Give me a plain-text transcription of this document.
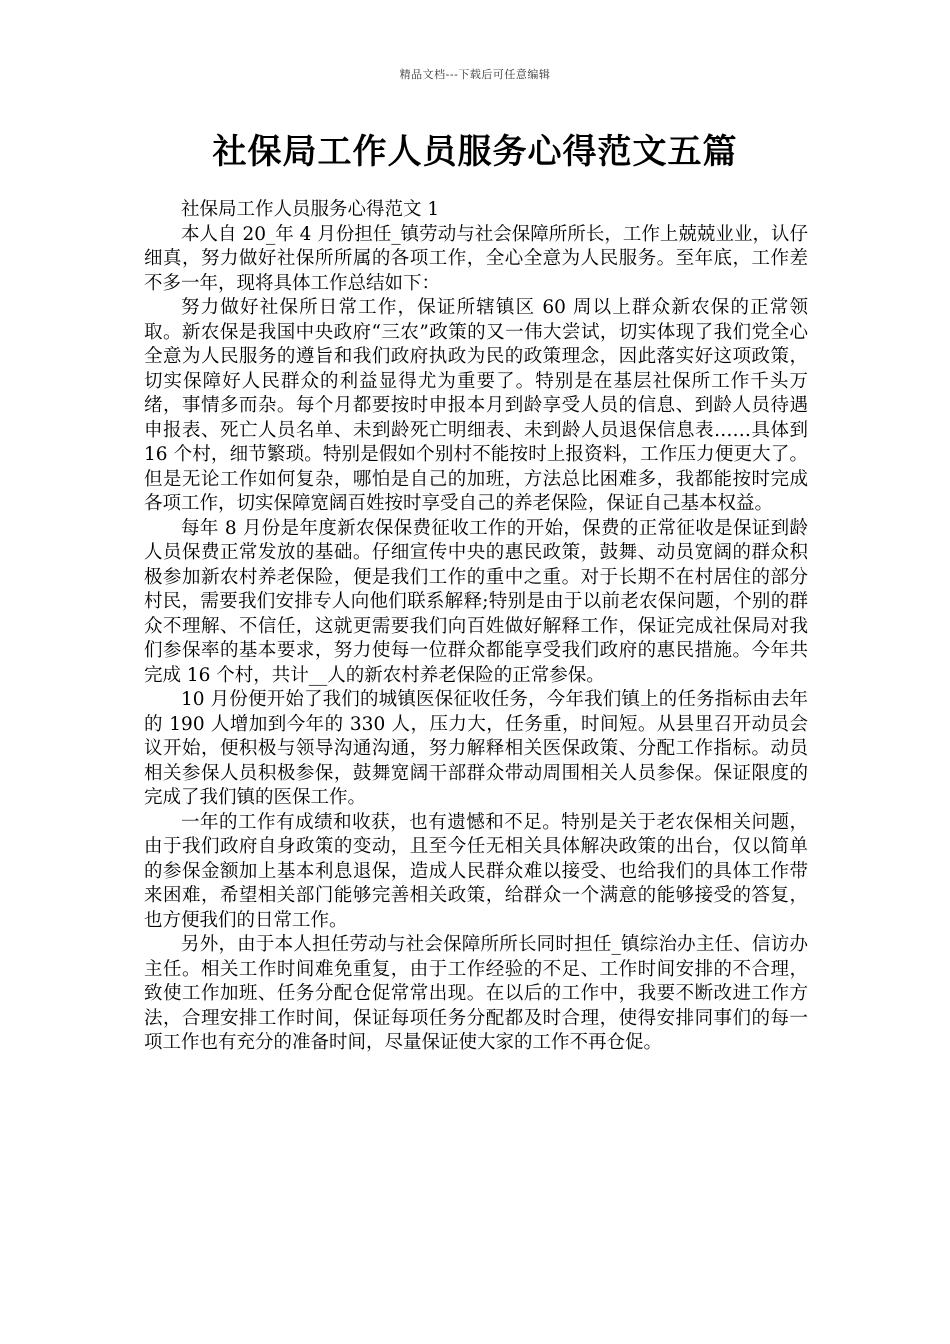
精品文档---下载后可任意编辑
社保局工作人员服务心得范文五篇

社保局工作人员服务心得范文 1

本人自 20_年 4 月份担任_镇劳动与社会保障所所长，工作上兢兢业业，认仔细真，努力做好社保所所属的各项工作，全心全意为人民服务。至年底，工作差不多一年，现将具体工作总结如下：

努力做好社保所日常工作，保证所辖镇区 60 周以上群众新农保的正常领取。新农保是我国中央政府“三农”政策的又一伟大尝试，切实体现了我们党全心全意为人民服务的遵旨和我们政府执政为民的政策理念，因此落实好这项政策，切实保障好人民群众的利益显得尤为重要了。特别是在基层社保所工作千头万绪，事情多而杂。每个月都要按时申报本月到龄享受人员的信息、到龄人员待遇申报表、死亡人员名单、未到龄死亡明细表、未到龄人员退保信息表……具体到 16 个村，细节繁琐。特别是假如个别村不能按时上报资料，工作压力便更大了。但是无论工作如何复杂，哪怕是自己的加班，方法总比困难多，我都能按时完成各项工作，切实保障宽阔百姓按时享受自己的养老保险，保证自己基本权益。

每年 8 月份是年度新农保保费征收工作的开始，保费的正常征收是保证到龄人员保费正常发放的基础。仔细宣传中央的惠民政策，鼓舞、动员宽阔的群众积极参加新农村养老保险，便是我们工作的重中之重。对于长期不在村居住的部分村民，需要我们安排专人向他们联系解释;特别是由于以前老农保问题，个别的群众不理解、不信任，这就更需要我们向百姓做好解释工作，保证完成社保局对我们参保率的基本要求，努力使每一位群众都能享受我们政府的惠民措施。今年共完成 16 个村，共计__人的新农村养老保险的正常参保。

10 月份便开始了我们的城镇医保征收任务，今年我们镇上的任务指标由去年的 190 人增加到今年的 330 人，压力大，任务重，时间短。从县里召开动员会议开始，便积极与领导沟通沟通，努力解释相关医保政策、分配工作指标。动员相关参保人员积极参保，鼓舞宽阔干部群众带动周围相关人员参保。保证限度的完成了我们镇的医保工作。

一年的工作有成绩和收获，也有遗憾和不足。特别是关于老农保相关问题，由于我们政府自身政策的变动，且至今任无相关具体解决政策的出台，仅以简单的参保金额加上基本利息退保，造成人民群众难以接受、也给我们的具体工作带来困难，希望相关部门能够完善相关政策，给群众一个满意的能够接受的答复，也方便我们的日常工作。

另外，由于本人担任劳动与社会保障所所长同时担任_镇综治办主任、信访办主任。相关工作时间难免重复，由于工作经验的不足、工作时间安排的不合理，致使工作加班、任务分配仓促常常出现。在以后的工作中，我要不断改进工作方法，合理安排工作时间，保证每项任务分配都及时合理，使得安排同事们的每一项工作也有充分的准备时间，尽量保证使大家的工作不再仓促。
